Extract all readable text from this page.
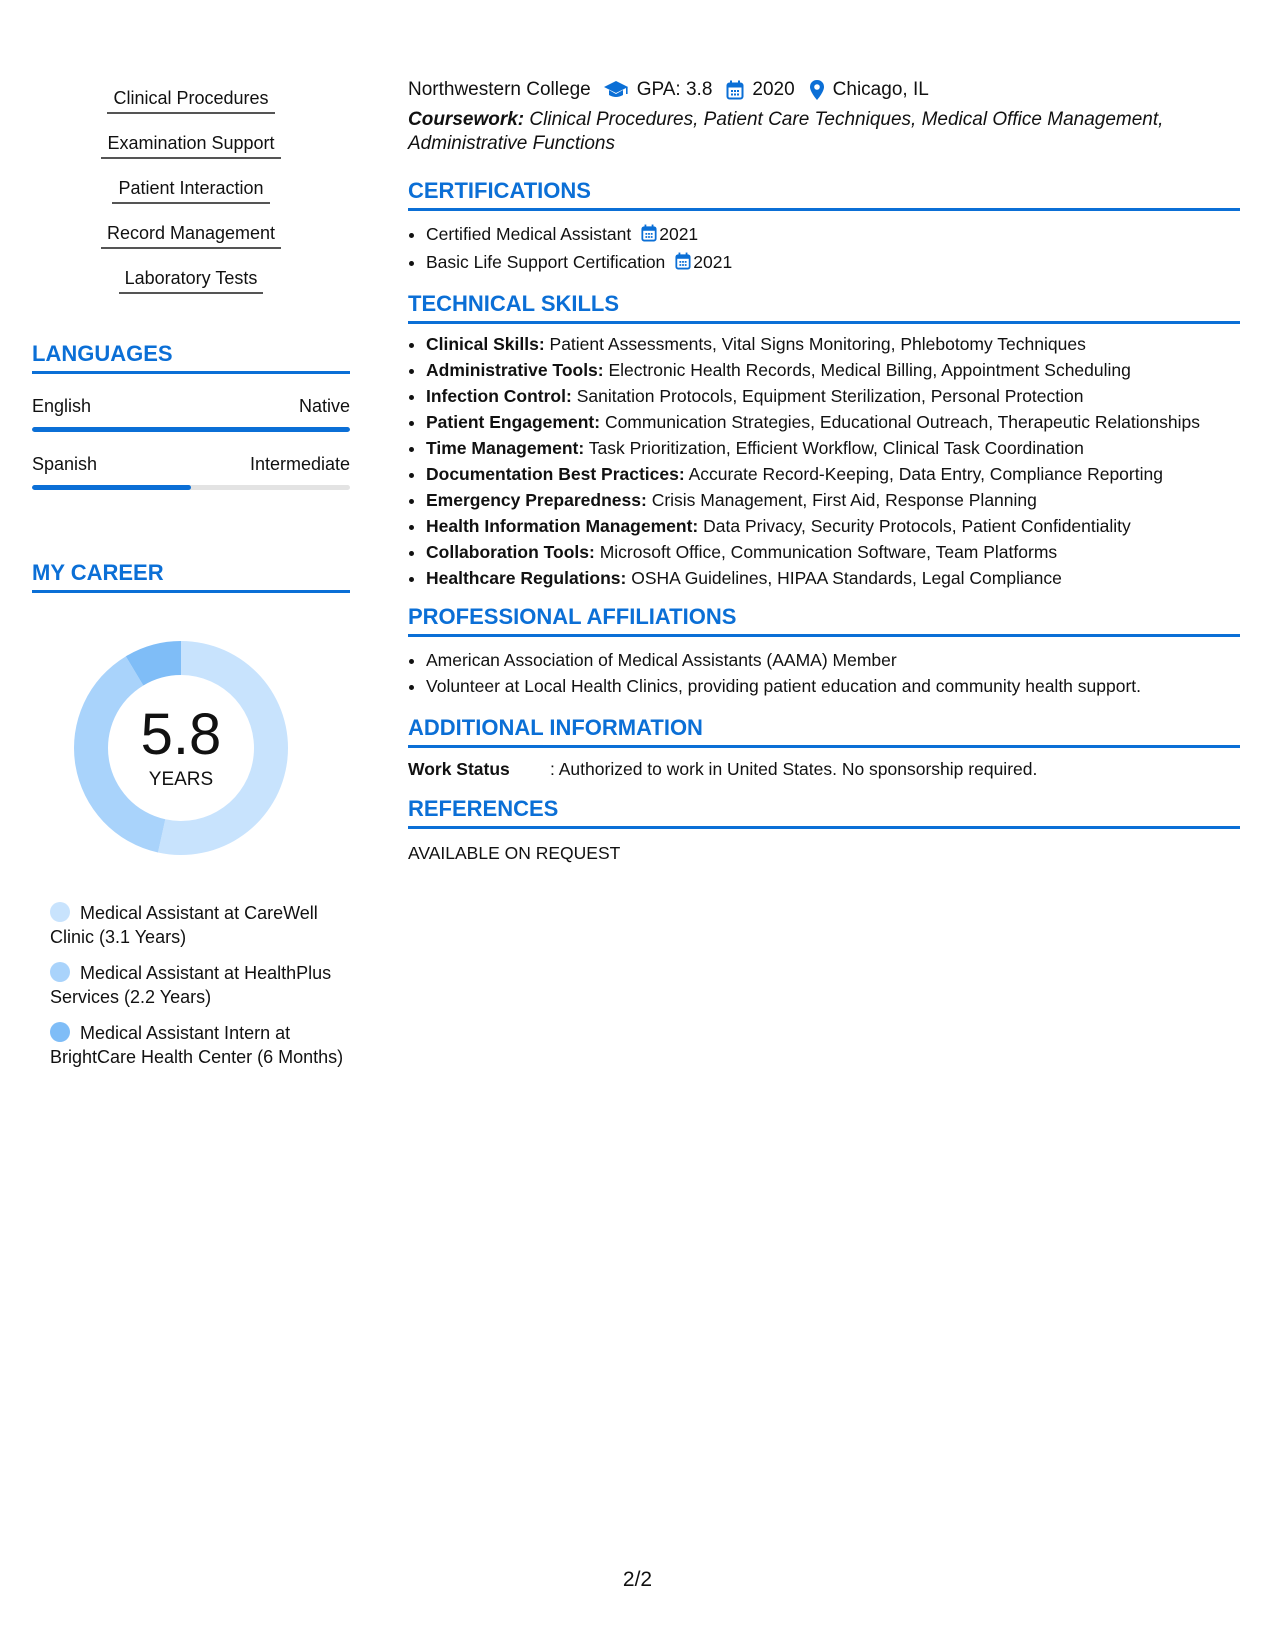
Clinical Procedures
Examination Support
Patient Interaction
Record Management
Laboratory Tests
LANGUAGES
English	Native
Spanish	Intermediate
MY CAREER
5.8
YEARS
Medical Assistant at CareWell Clinic (3.1 Years)
Medical Assistant at HealthPlus Services (2.2 Years)
Medical Assistant Intern at BrightCare Health Center (6 Months)
Northwestern College GPA: 3.8 2020 Chicago, IL
Coursework: Clinical Procedures, Patient Care Techniques, Medical Office Management, Administrative Functions
CERTIFICATIONS
• Certified Medical Assistant 2021
• Basic Life Support Certification 2021
TECHNICAL SKILLS
• Clinical Skills: Patient Assessments, Vital Signs Monitoring, Phlebotomy Techniques
• Administrative Tools: Electronic Health Records, Medical Billing, Appointment Scheduling
• Infection Control: Sanitation Protocols, Equipment Sterilization, Personal Protection
• Patient Engagement: Communication Strategies, Educational Outreach, Therapeutic Relationships
• Time Management: Task Prioritization, Efficient Workflow, Clinical Task Coordination
• Documentation Best Practices: Accurate Record-Keeping, Data Entry, Compliance Reporting
• Emergency Preparedness: Crisis Management, First Aid, Response Planning
• Health Information Management: Data Privacy, Security Protocols, Patient Confidentiality
• Collaboration Tools: Microsoft Office, Communication Software, Team Platforms
• Healthcare Regulations: OSHA Guidelines, HIPAA Standards, Legal Compliance
PROFESSIONAL AFFILIATIONS
• American Association of Medical Assistants (AAMA) Member
• Volunteer at Local Health Clinics, providing patient education and community health support.
ADDITIONAL INFORMATION
Work Status	: Authorized to work in United States. No sponsorship required.
REFERENCES
AVAILABLE ON REQUEST
2/2
